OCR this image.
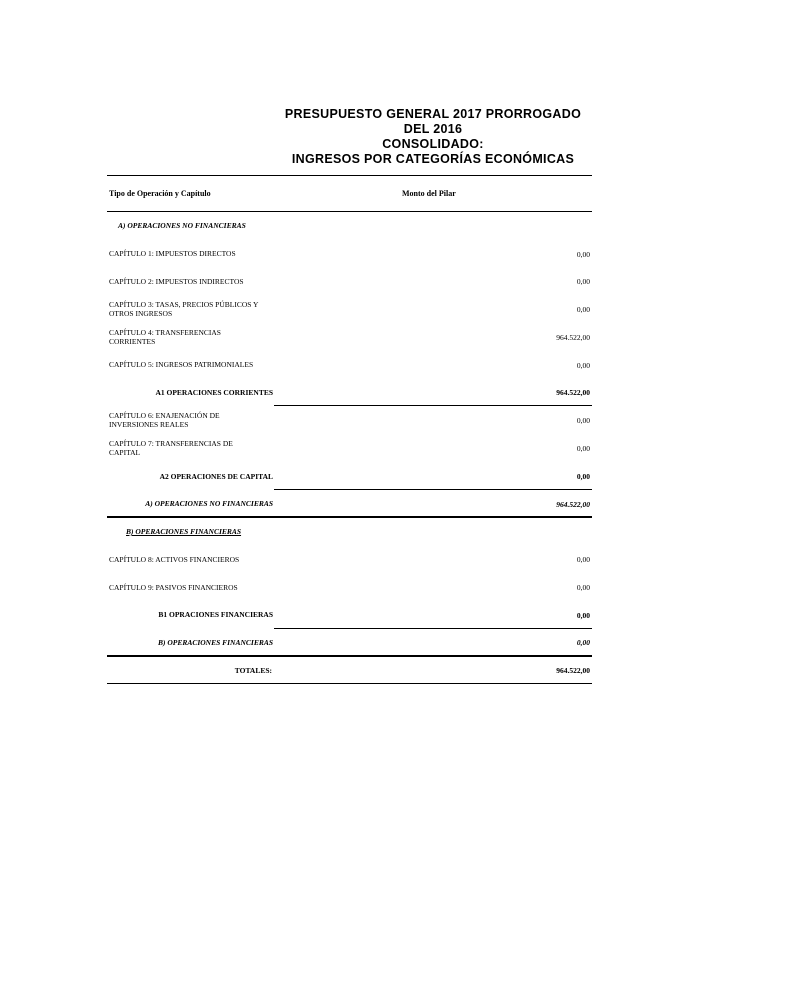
PRESUPUESTO GENERAL 2017 PRORROGADO
DEL 2016
CONSOLIDADO:
INGRESOS POR CATEGORÍAS ECONÓMICAS
Tipo de Operación y Capítulo	Monto del Pilar
A) OPERACIONES NO FINANCIERAS
CAPÍTULO 1: IMPUESTOS DIRECTOS	0,00
CAPÍTULO 2: IMPUESTOS INDIRECTOS	0,00
CAPÍTULO 3: TASAS, PRECIOS PÚBLICOS Y OTROS INGRESOS	0,00
CAPÍTULO 4: TRANSFERENCIAS CORRIENTES	964.522,00
CAPÍTULO 5: INGRESOS PATRIMONIALES	0,00
A1 OPERACIONES CORRIENTES	964.522,00
CAPÍTULO 6: ENAJENACIÓN DE INVERSIONES REALES	0,00
CAPÍTULO 7: TRANSFERENCIAS DE CAPITAL	0,00
A2 OPERACIONES DE CAPITAL	0,00
A) OPERACIONES NO FINANCIERAS	964.522,00
B) OPERACIONES FINANCIERAS
CAPÍTULO 8: ACTIVOS FINANCIEROS	0,00
CAPÍTULO 9: PASIVOS FINANCIEROS	0,00
B1 OPRACIONES FINANCIERAS	0,00
B) OPERACIONES FINANCIERAS	0,00
TOTALES:	964.522,00
